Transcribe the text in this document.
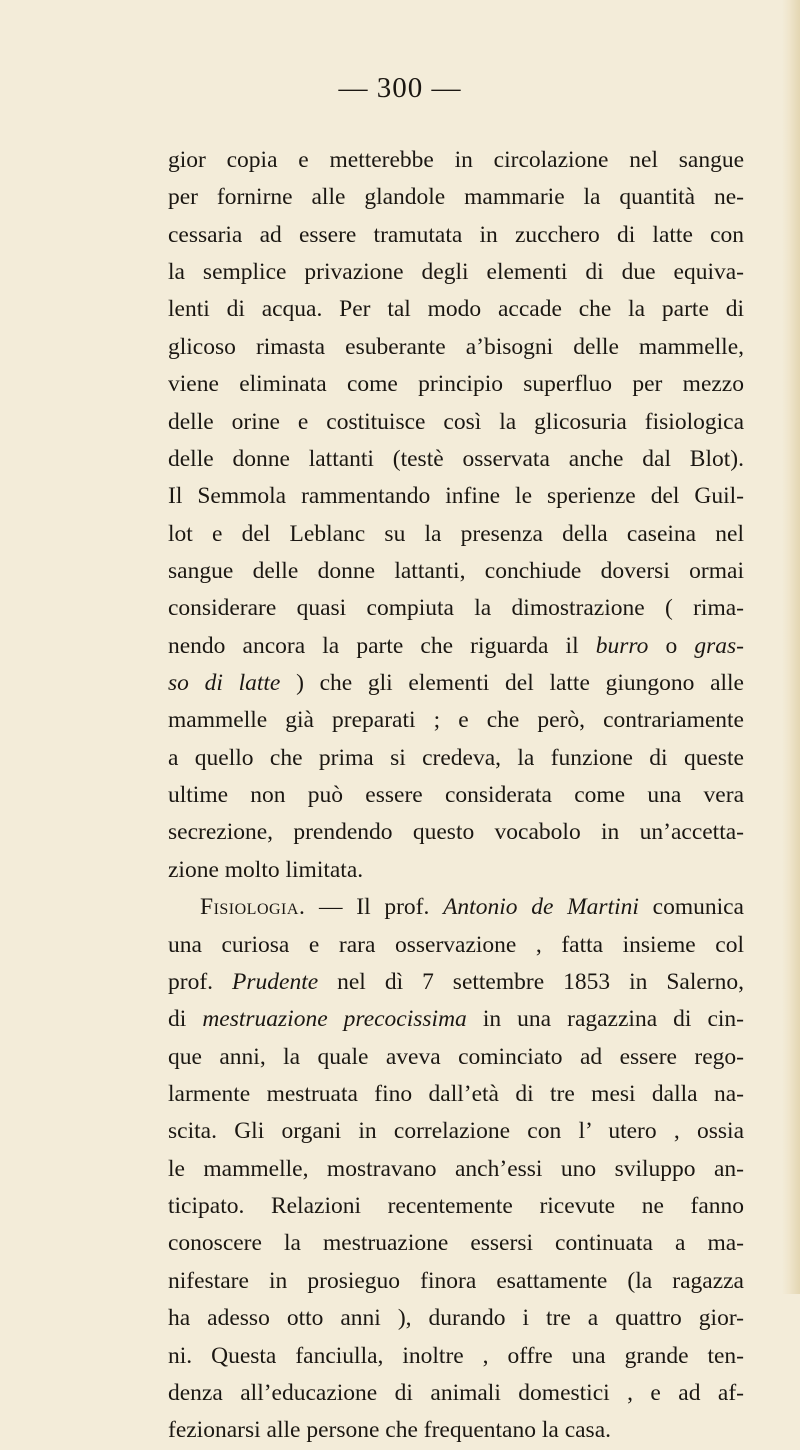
— 300 —
gior copia e metterebbe in circolazione nel sangue
per fornirne alle glandole mammarie la quantità ne-
cessaria ad essere tramutata in zucchero di latte con
la semplice privazione degli elementi di due equiva-
lenti di acqua. Per tal modo accade che la parte di
glicoso rimasta esuberante a’bisogni delle mammelle,
viene eliminata come principio superfluo per mezzo
delle orine e costituisce così la glicosuria fisiologica
delle donne lattanti (testè osservata anche dal Blot).
Il Semmola rammentando infine le sperienze del Guil-
lot e del Leblanc su la presenza della caseina nel
sangue delle donne lattanti, conchiude doversi ormai
considerare quasi compiuta la dimostrazione ( rima-
nendo ancora la parte che riguarda il burro o gras-
so di latte ) che gli elementi del latte giungono alle
mammelle già preparati ; e che però, contrariamente
a quello che prima si credeva, la funzione di queste
ultime non può essere considerata come una vera
secrezione, prendendo questo vocabolo in un’accetta-
zione molto limitata.
Fisiologia. — Il prof. Antonio de Martini comunica
una curiosa e rara osservazione , fatta insieme col
prof. Prudente nel dì 7 settembre 1853 in Salerno,
di mestruazione precocissima in una ragazzina di cin-
que anni, la quale aveva cominciato ad essere rego-
larmente mestruata fino dall’età di tre mesi dalla na-
scita. Gli organi in correlazione con l’ utero , ossia
le mammelle, mostravano anch’essi uno sviluppo an-
ticipato. Relazioni recentemente ricevute ne fanno
conoscere la mestruazione essersi continuata a ma-
nifestare in prosieguo finora esattamente (la ragazza
ha adesso otto anni ), durando i tre a quattro gior-
ni. Questa fanciulla, inoltre , offre una grande ten-
denza all’educazione di animali domestici , e ad af-
fezionarsi alle persone che frequentano la casa.
